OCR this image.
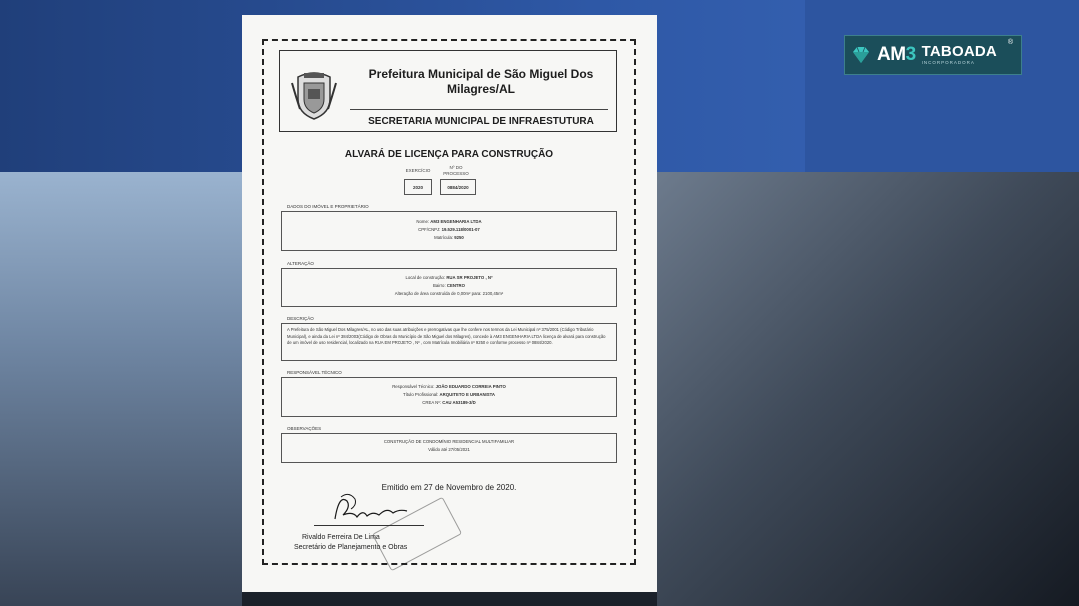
AM3 TABOADA
INCORPORADORA
®
Prefeitura Municipal de São Miguel Dos Milagres/AL
SECRETARIA MUNICIPAL DE INFRAESTUTURA
ALVARÁ DE LICENÇA PARA CONSTRUÇÃO
EXERCÍCIO
2020
Nº DO PROCESSO
0884/2020
DADOS DO IMÓVEL E PROPRIETÁRIO
Nome: AM3 ENGENHARIA LTDA
CPF/CNPJ: 19.529.118/0001-07
Matrícula: 9250
ALTERAÇÃO
Local de construção: RUA SR PROJETO , Nº
Bairro: CENTRO
Alteração de área construída de 0,00m² para: 2100,45m²
DESCRIÇÃO
A Prefeitura de São Miguel Dos Milagres/AL, no uso das suas atribuições e prerrogativas que lhe confere nos termos da Lei Municipal nº 375/2001 (Código Tributário Municipal), e ainda da Lei nº 384/2003(Código de Obras do Município de São Miguel dos Milagres), concede à AM3 ENGENHARIA LTDA licença de alvará para construção de um imóvel de uso residencial, localizado na RUA EM PROJETO , Nº , com Matrícula Imobiliária nº 9250 e conforme processo nº 0884/2020.
RESPONSÁVEL TÉCNICO
Responsável Técnico: JOÃO EDUARDO CORREIA PINTO
Título Profissional: ARQUITETO E URBANISTA
CREA Nº: CAU A53189-3/D
OBSERVAÇÕES
CONSTRUÇÃO DE CONDOMÍNIO RESIDENCIAL MULTIFAMILIAR
Válido até 27/05/2021
Emitido em 27 de Novembro de 2020.
Rivaldo Ferreira De Lima
Secretário de Planejamento e Obras
